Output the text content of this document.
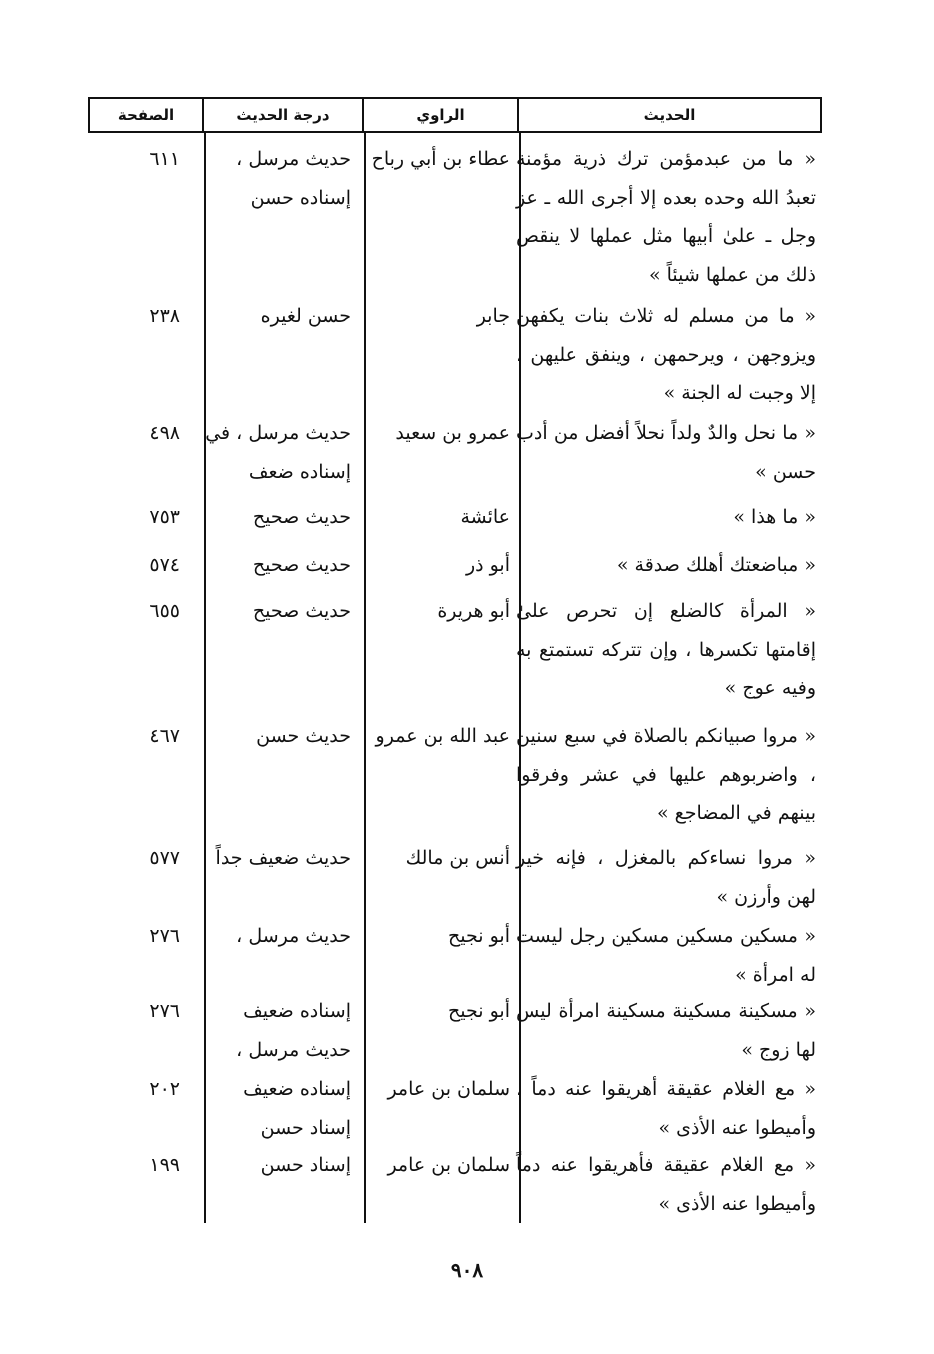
الحديث
الراوي
درجة الحديث
الصفحة
« ما من عبدمؤمن ترك ذرية مؤمنة تعبدُ الله وحده بعده إلا أجرى الله ـ عز وجل ـ علىٰ أبيها مثل عملها لا ينقص ذلك من عملها شيئاً »
عطاء بن أبي رباح
حديث مرسل ، إسناده حسن
٦١١
« ما من مسلم له ثلاث بنات يكفهن ويزوجهن ، ويرحمهن ، وينفق عليهن ، إلا وجبت له الجنة »
جابر
حسن لغيره
٢٣٨
« ما نحل والدٌ ولداً نحلاً أفضل من أدب حسن »
عمرو بن سعيد
حديث مرسل ، في إسناده ضعف
٤٩٨
« ما هذا »
عائشة
حديث صحيح
٧٥٣
« مباضعتك أهلك صدقة »
أبو ذر
حديث صحيح
٥٧٤
« المرأة كالضلع إن تحرص علىٰ إقامتها تكسرها ، وإن تتركه تستمتع به وفيه عوج »
أبو هريرة
حديث صحيح
٦٥٥
« مروا صبيانكم بالصلاة في سبع سنين ، واضربوهم عليها في عشر وفرقوا بينهم في المضاجع »
عبد الله بن عمرو
حديث حسن
٤٦٧
« مروا نساءكم بالمغزل ، فإنه خير لهن وأرزن »
أنس بن مالك
حديث ضعيف جداً
٥٧٧
« مسكين مسكين مسكين رجل ليست له امرأة »
أبو نجيح
حديث مرسل ،
٢٧٦
« مسكينة مسكينة مسكينة امرأة ليس لها زوج »
أبو نجيح
إسناده ضعيف حديث مرسل ،
٢٧٦
« مع الغلام عقيقة أهريقوا عنه دماً ، وأميطوا عنه الأذى »
سلمان بن عامر
إسناده ضعيف إسناد حسن
٢٠٢
« مع الغلام عقيقة فأهريقوا عنه دماً وأميطوا عنه الأذى »
سلمان بن عامر
إسناد حسن
١٩٩
٩٠٨
